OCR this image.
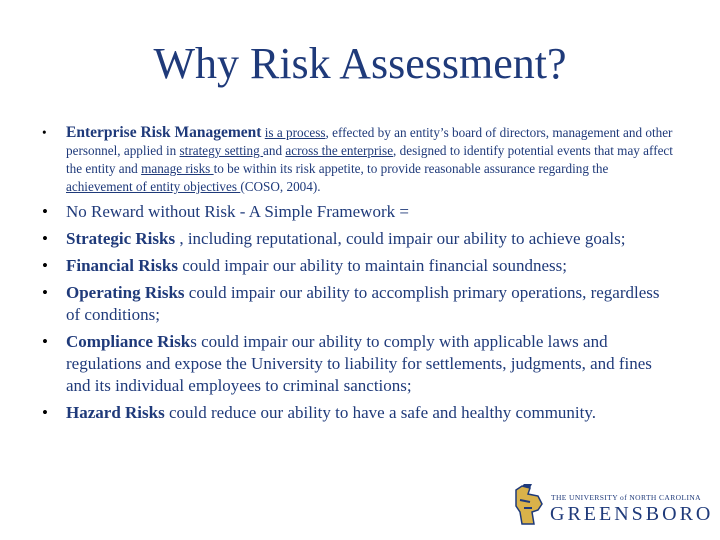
Why Risk Assessment?
• Enterprise Risk Management is a process, effected by an entity’s board of directors, management and other personnel, applied in strategy setting and across the enterprise, designed to identify potential events that may affect the entity and manage risks to be within its risk appetite, to provide reasonable assurance regarding the achievement of entity objectives (COSO, 2004).
• No Reward without Risk - A Simple Framework =
• Strategic Risks , including reputational, could impair our ability to achieve goals;
• Financial Risks could impair our ability to maintain financial soundness;
• Operating Risks could impair our ability to accomplish primary operations, regardless of conditions;
• Compliance Risks could impair our ability to comply with applicable laws and regulations and expose the University to liability for settlements, judgments, and fines and its individual employees to criminal sanctions;
• Hazard Risks could reduce our ability to have a safe and healthy community.
THE UNIVERSITY of NORTH CAROLINA
GREENSBORO
